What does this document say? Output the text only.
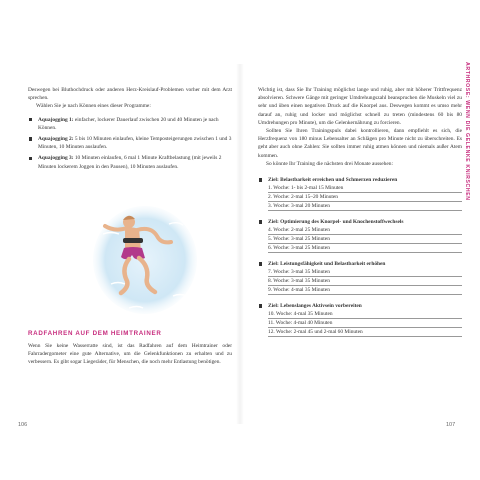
Deswegen bei Bluthochdruck oder anderen Herz-Kreislauf-Problemen vorher mit dem Arzt sprechen.

Wählen Sie je nach Können eines dieser Programme:

Aquajogging 1: einfacher, lockerer Dauerlauf zwischen 20 und 40 Minuten je nach Können.
Aquajogging 2: 5 bis 10 Minuten einlaufen, kleine Temposteigerungen zwischen 1 und 3 Minuten, 10 Minuten auslaufen.
Aquajogging 3: 10 Minuten einlaufen, 6 mal 1 Minute Kraftbelastung (mit jeweils 2 Minuten lockerem Joggen in den Pausen), 10 Minuten auslaufen.
RADFAHREN AUF DEM HEIMTRAINER

Wenn Sie keine Wasserratte sind, ist das Radfahren auf dem Heimtrainer oder Fahrradergometer eine gute Alternative, um die Gelenkfunktionen zu erhalten und zu verbessern. Es gibt sogar Liegeräder, für Menschen, die noch mehr Entlastung benötigen.

Wichtig ist, dass Sie Ihr Training möglichst lange und ruhig, aber mit höherer Trittfrequenz absolvieren. Schwere Gänge mit geringer Umdrehungszahl beanspruchen die Muskeln viel zu sehr und üben einen negativen Druck auf die Knorpel aus. Deswegen kommt es umso mehr darauf an, ruhig und locker und möglichst schnell zu treten (mindestens 60 bis 80 Umdrehungen pro Minute), um die Gelenkernährung zu forcieren.

Sollten Sie Ihren Trainingspuls dabei kontrollieren, dann empfiehlt es sich, die Herzfrequenz von 180 minus Lebensalter an Schlägen pro Minute nicht zu überschreiten. Es geht aber auch ohne Zahlen: Sie sollten immer ruhig atmen können und niemals außer Atem kommen.

So könnte Ihr Training die nächsten drei Monate aussehen:

Ziel: Belastbarkeit erreichen und Schmerzen reduzieren
1. Woche: 1- bis 2-mal 15 Minuten
2. Woche: 2-mal 15–20 Minuten
3. Woche: 3-mal 20 Minuten
Ziel: Optimierung des Knorpel- und Knochenstoffwechsels
4. Woche: 2-mal 25 Minuten
5. Woche: 3-mal 25 Minuten
6. Woche: 3-mal 25 Minuten
Ziel: Leistungsfähigkeit und Belastbarkeit erhöhen
7. Woche: 3-mal 35 Minuten
8. Woche: 3-mal 35 Minuten
9. Woche: 4-mal 35 Minuten
Ziel: Lebenslanges Aktivsein vorbereiten
10. Woche: 4-mal 35 Minuten
11. Woche: 4-mal 40 Minuten
12. Woche: 2-mal 45 und 2-mal 60 Minuten
ARTHROSE: WENN DIE GELENKE KNIRSCHEN
106	107
